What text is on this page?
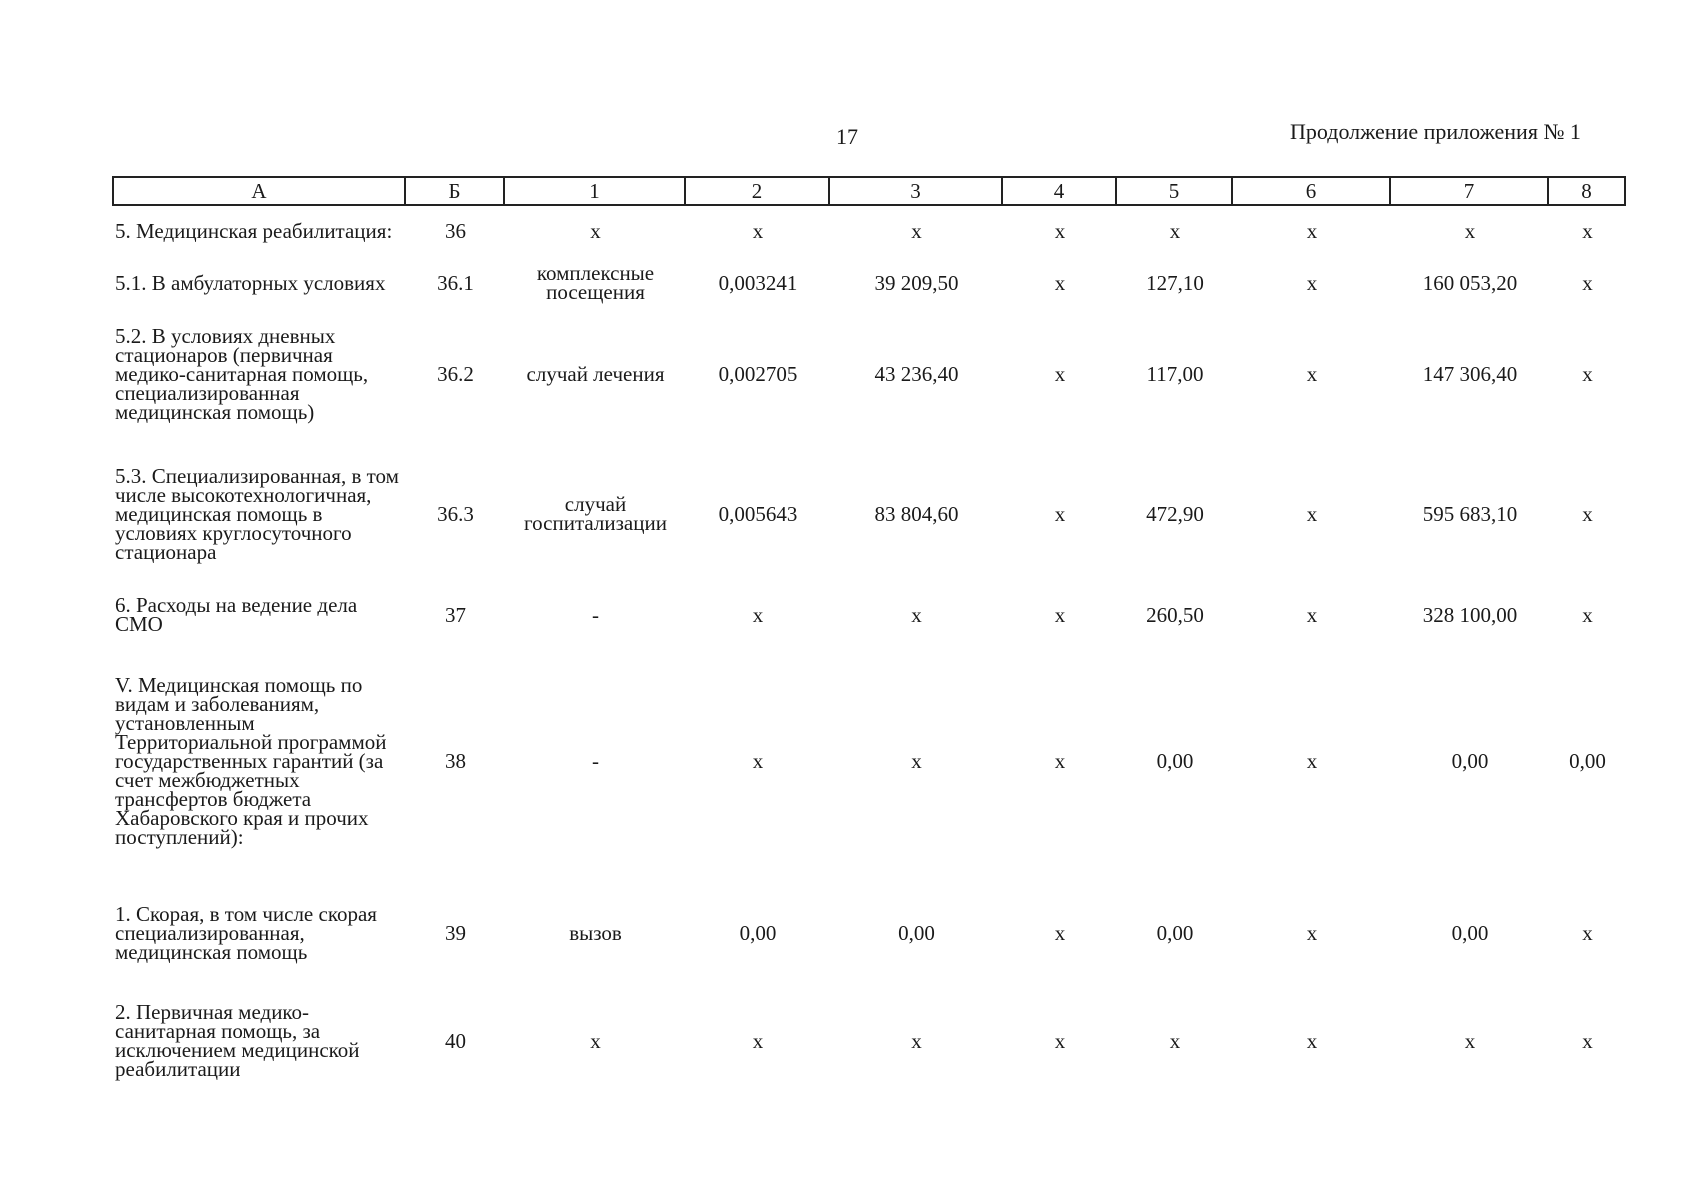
17	Продолжение приложения № 1
А	Б	1	2	3	4	5	6	7	8
5. Медицинская реабилитация:	36	х	х	х	х	х	х	х	х
5.1. В амбулаторных условиях	36.1	комплексные посещения	0,003241	39 209,50	х	127,10	х	160 053,20	х
5.2. В условиях дневных стационаров (первичная медико-санитарная помощь, специализированная медицинская помощь)	36.2	случай лечения	0,002705	43 236,40	х	117,00	х	147 306,40	х
5.3. Специализированная, в том числе высокотехнологичная, медицинская помощь в условиях круглосуточного стационара	36.3	случай госпитализации	0,005643	83 804,60	х	472,90	х	595 683,10	х
6. Расходы на ведение дела СМО	37	-	х	х	х	260,50	х	328 100,00	х
V. Медицинская помощь по видам и заболеваниям, установленным Территориальной программой государственных гарантий (за счет межбюджетных трансфертов бюджета Хабаровского края и прочих поступлений):	38	-	х	х	х	0,00	х	0,00	0,00
1. Скорая, в том числе скорая специализированная, медицинская помощь	39	вызов	0,00	0,00	х	0,00	х	0,00	х
2. Первичная медико-санитарная помощь, за исключением медицинской реабилитации	40	х	х	х	х	х	х	х	х
